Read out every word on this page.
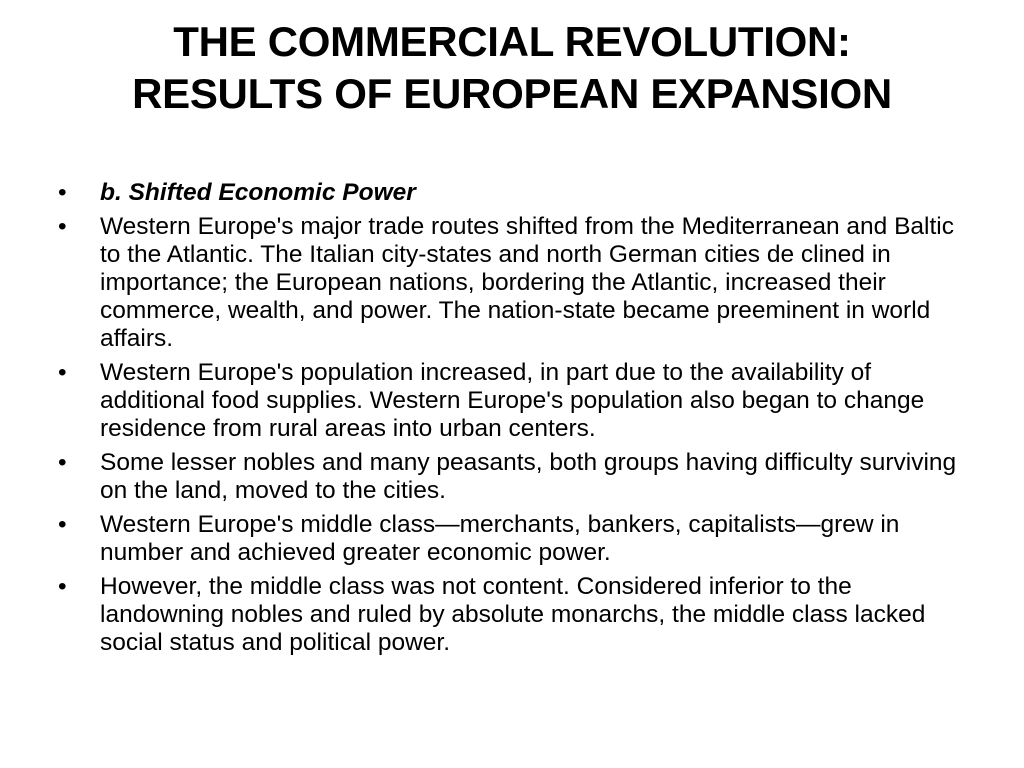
THE COMMERCIAL REVOLUTION:
RESULTS OF EUROPEAN EXPANSION
•	b. Shifted Economic Power
•	Western Europe's major trade routes shifted from the Mediterranean and Baltic to the Atlantic. The Italian city-states and north German cities de clined in importance; the European nations, bordering the Atlantic, increased their commerce, wealth, and power. The nation-state became preeminent in world affairs.
•	Western Europe's population increased, in part due to the availability of additional food supplies. Western Europe's population also began to change residence from rural areas into urban centers.
•	Some lesser nobles and many peasants, both groups having difficulty surviving on the land, moved to the cities.
•	Western Europe's middle class—merchants, bankers, capitalists—grew in number and achieved greater economic power.
•	However, the middle class was not content. Considered inferior to the landowning nobles and ruled by absolute monarchs, the middle class lacked social status and political power.
